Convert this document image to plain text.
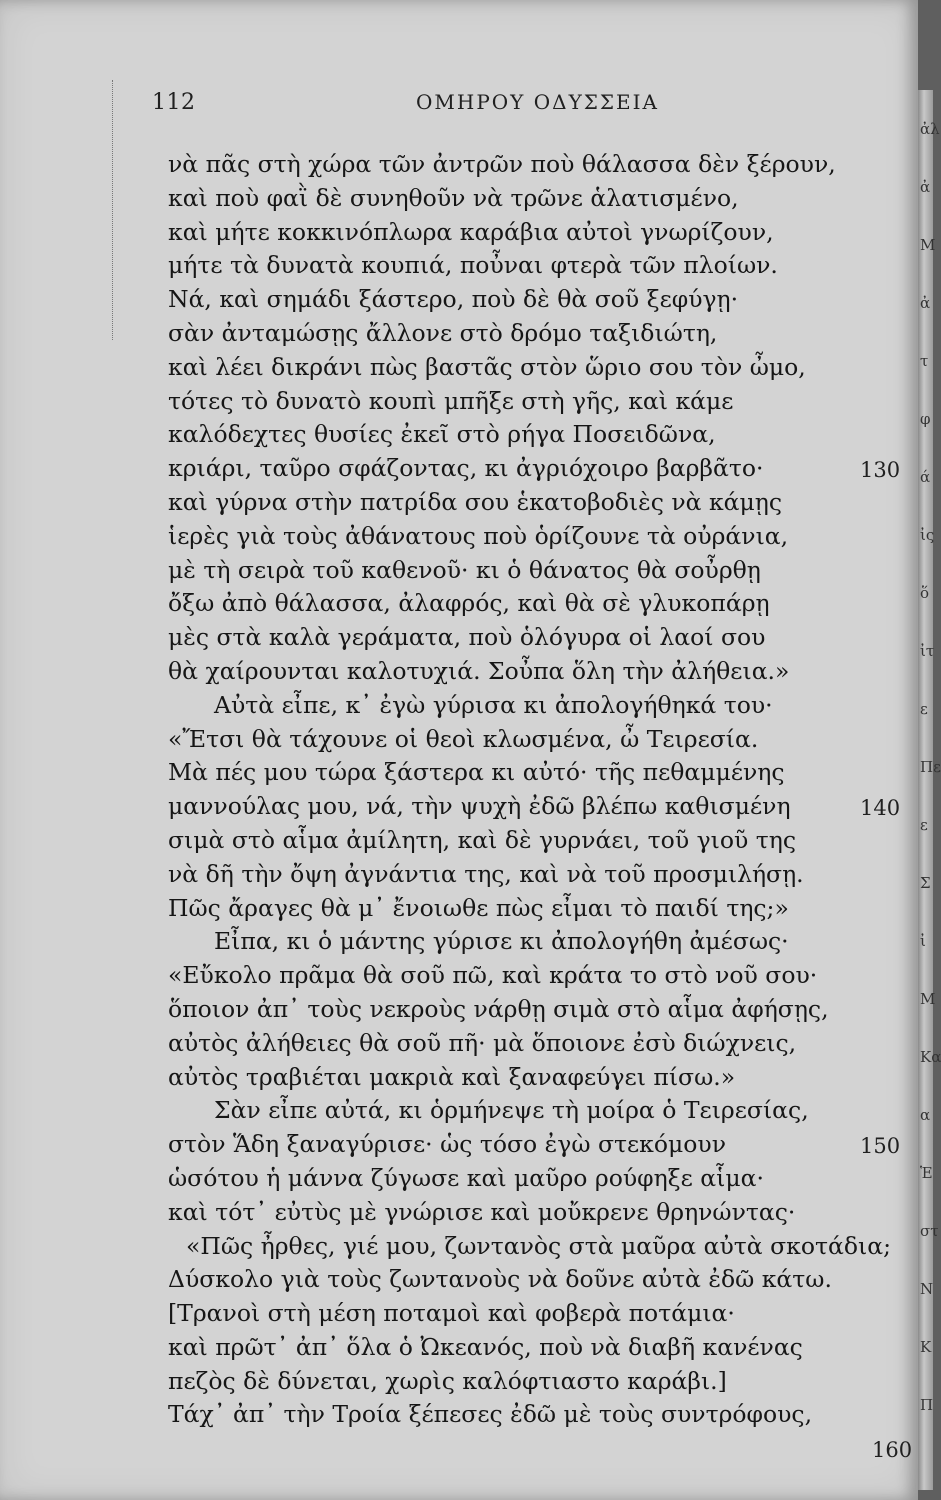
112	ΟΜΗΡΟΥ ΟΔΥΣΣΕΙΑ
νὰ πᾶς στὴ χώρα τῶν ἀντρῶν ποὺ θάλασσα δὲν ξέρουν,
καὶ ποὺ φαῒ δὲ συνηθοῦν νὰ τρῶνε ἁλατισμένο,
καὶ μήτε κοκκινόπλωρα καράβια αὐτοὶ γνωρίζουν,
μήτε τὰ δυνατὰ κουπιά, ποὖναι φτερὰ τῶν πλοίων.
Νά, καὶ σημάδι ξάστερο, ποὺ δὲ θὰ σοῦ ξεφύγῃ·
σὰν ἀνταμώσῃς ἄλλονε στὸ δρόμο ταξιδιώτη,
καὶ λέει δικράνι πὼς βαστᾶς στὸν ὥριο σου τὸν ὦμο,
τότες τὸ δυνατὸ κουπὶ μπῆξε στὴ γῆς, καὶ κάμε
καλόδεχτες θυσίες ἐκεῖ στὸ ρήγα Ποσειδῶνα,
κριάρι, ταῦρο σφάζοντας, κι ἀγριόχοιρο βαρβᾶτο·
καὶ γύρνα στὴν πατρίδα σου ἑκατοβοδιὲς νὰ κάμῃς
ἱερὲς γιὰ τοὺς ἀθάνατους ποὺ ὁρίζουνε τὰ οὐράνια,
μὲ τὴ σειρὰ τοῦ καθενοῦ· κι ὁ θάνατος θὰ σοὖρθῃ
ὄξω ἀπὸ θάλασσα, ἀλαφρός, καὶ θὰ σὲ γλυκοπάρῃ
μὲς στὰ καλὰ γεράματα, ποὺ ὁλόγυρα οἱ λαοί σου
θὰ χαίρουνται καλοτυχιά. Σοὖπα ὅλη τὴν ἀλήθεια.»
Αὐτὰ εἶπε, κ᾽ ἐγὼ γύρισα κι ἀπολογήθηκά του·
«Ἔτσι θὰ τάχουνε οἱ θεοὶ κλωσμένα, ὦ Τειρεσία.
Μὰ πές μου τώρα ξάστερα κι αὐτό· τῆς πεθαμμένης
μαννούλας μου, νά, τὴν ψυχὴ ἐδῶ βλέπω καθισμένη
σιμὰ στὸ αἷμα ἀμίλητη, καὶ δὲ γυρνάει, τοῦ γιοῦ της
νὰ δῆ τὴν ὄψη ἀγνάντια της, καὶ νὰ τοῦ προσμιλήσῃ.
Πῶς ἄραγες θὰ μ᾽ ἔνοιωθε πὼς εἶμαι τὸ παιδί της;»
Εἶπα, κι ὁ μάντης γύρισε κι ἀπολογήθη ἀμέσως·
«Εὔκολο πρᾶμα θὰ σοῦ πῶ, καὶ κράτα το στὸ νοῦ σου·
ὅποιον ἀπ᾽ τοὺς νεκροὺς νάρθῃ σιμὰ στὸ αἷμα ἀφήσῃς,
αὐτὸς ἀλήθειες θὰ σοῦ πῆ· μὰ ὅποιονε ἐσὺ διώχνεις,
αὐτὸς τραβιέται μακριὰ καὶ ξαναφεύγει πίσω.»
Σὰν εἶπε αὐτά, κι ὁρμήνεψε τὴ μοίρα ὁ Τειρεσίας,
στὸν Ἅδη ξαναγύρισε· ὡς τόσο ἐγὼ στεκόμουν
ὡσότου ἡ μάννα ζύγωσε καὶ μαῦρο ρούφηξε αἷμα·
καὶ τότ᾽ εὐτὺς μὲ γνώρισε καὶ μοὔκρενε θρηνώντας·
«Πῶς ἦρθες, γιέ μου, ζωντανὸς στὰ μαῦρα αὐτὰ σκοτάδια;
Δύσκολο γιὰ τοὺς ζωντανοὺς νὰ δοῦνε αὐτὰ ἐδῶ κάτω.
[Τρανοὶ στὴ μέση ποταμοὶ καὶ φοβερὰ ποτάμια·
καὶ πρῶτ᾽ ἀπ᾽ ὅλα ὁ Ὠκεανός, ποὺ νὰ διαβῆ κανένας
πεζὸς δὲ δύνεται, χωρὶς καλόφτιαστο καράβι.]
Τάχ᾽ ἀπ᾽ τὴν Τροία ξέπεσες ἐδῶ μὲ τοὺς συντρόφους,
130
140
150
160
ἀλ
ἀ
Μ
ἀ
τ
φ
ά
ἰς
ὅ
ἰτ
ε
Πε
ε
Σ
ἰ
Μ
Κα
α
Ἑ
στ
Ν
Κ
Π
